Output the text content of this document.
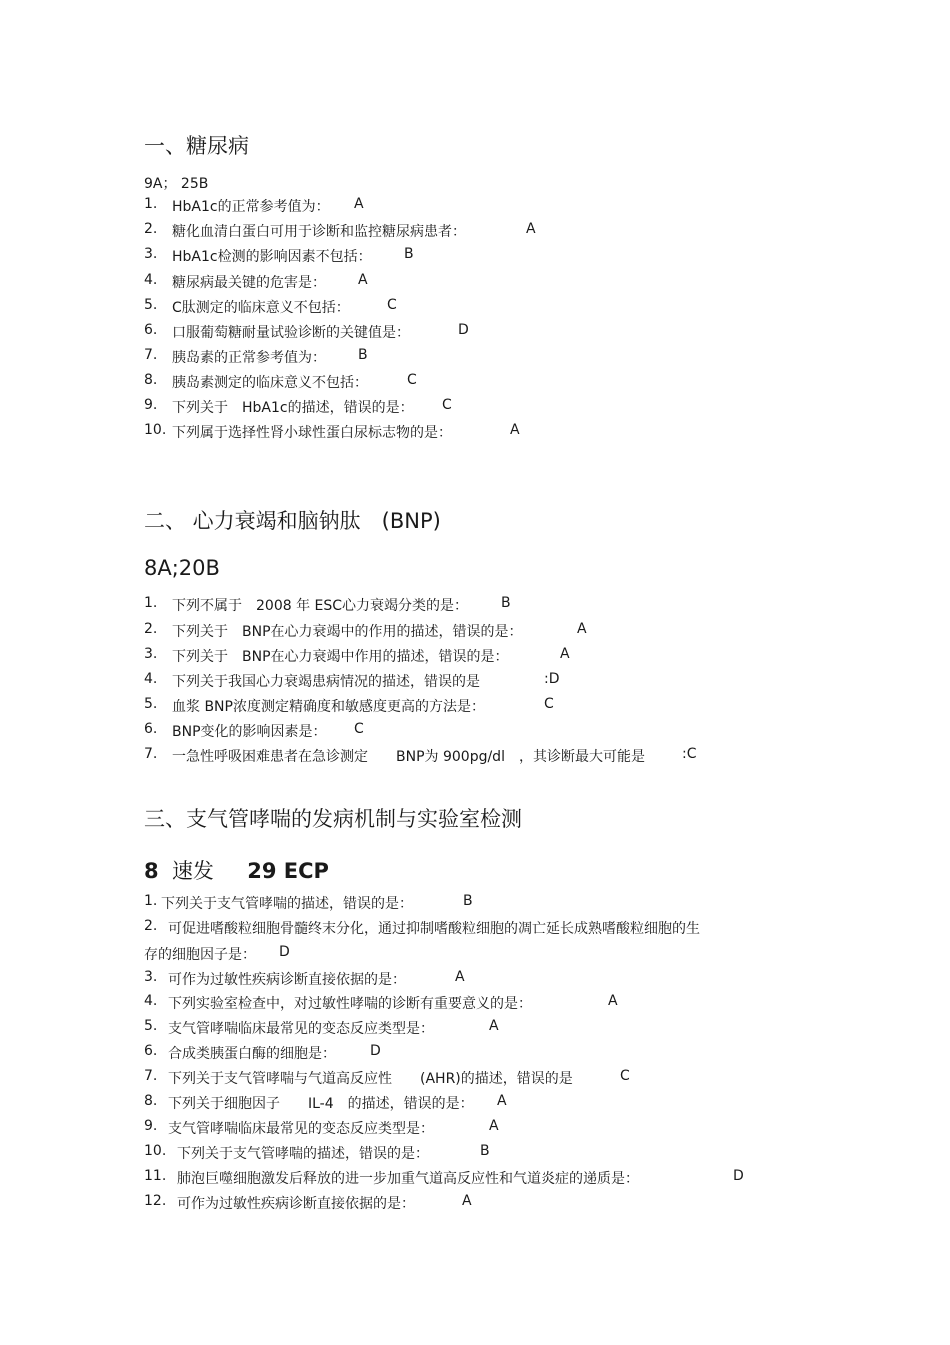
一、糖尿病
9A； 25B
1. HbA1c的正常参考值为： A
2. 糖化血清白蛋白可用于诊断和监控糖尿病患者：	A
3. HbA1c检测的影响因素不包括： B
4. 糖尿病最关键的危害是： A
5. C肽测定的临床意义不包括：	C
6. 口服葡萄糖耐量试验诊断的关键值是：	D
7. 胰岛素的正常参考值为： B
8. 胰岛素测定的临床意义不包括：	C
9. 下列关于　HbA1c的描述，错误的是： C
10. 下列属于选择性肾小球性蛋白尿标志物的是：	A
二、 心力衰竭和脑钠肽　(BNP)
8A;20B
1. 下列不属于　2008 年 ESC心力衰竭分类的是： B
2. 下列关于　BNP在心力衰竭中的作用的描述，错误的是：	A
3. 下列关于　BNP在心力衰竭中作用的描述，错误的是：	A
4. 下列关于我国心力衰竭患病情况的描述，错误的是	:D
5. 血浆 BNP浓度测定精确度和敏感度更高的方法是：	C
6. BNP变化的影响因素是： C
7. 一急性呼吸困难患者在急诊测定　　BNP为 900pg/dl　，其诊断最大可能是	:C
三、支气管哮喘的发病机制与实验室检测
8 速发 29 ECP
1. 下列关于支气管哮喘的描述，错误的是：	B
2. 可促进嗜酸粒细胞骨髓终末分化，通过抑制嗜酸粒细胞的凋亡延长成熟嗜酸粒细胞的生
存的细胞因子是： D
3. 可作为过敏性疾病诊断直接依据的是：	A
4. 下列实验室检查中，对过敏性哮喘的诊断有重要意义的是：	A
5. 支气管哮喘临床最常见的变态反应类型是：	A
6. 合成类胰蛋白酶的细胞是： D
7. 下列关于支气管哮喘与气道高反应性　　(AHR)的描述，错误的是	C
8. 下列关于细胞因子　　IL-4　的描述，错误的是： A
9. 支气管哮喘临床最常见的变态反应类型是：	A
10. 下列关于支气管哮喘的描述，错误的是：	B
11. 肺泡巨噬细胞激发后释放的进一步加重气道高反应性和气道炎症的递质是：	D
12. 可作为过敏性疾病诊断直接依据的是：	A
